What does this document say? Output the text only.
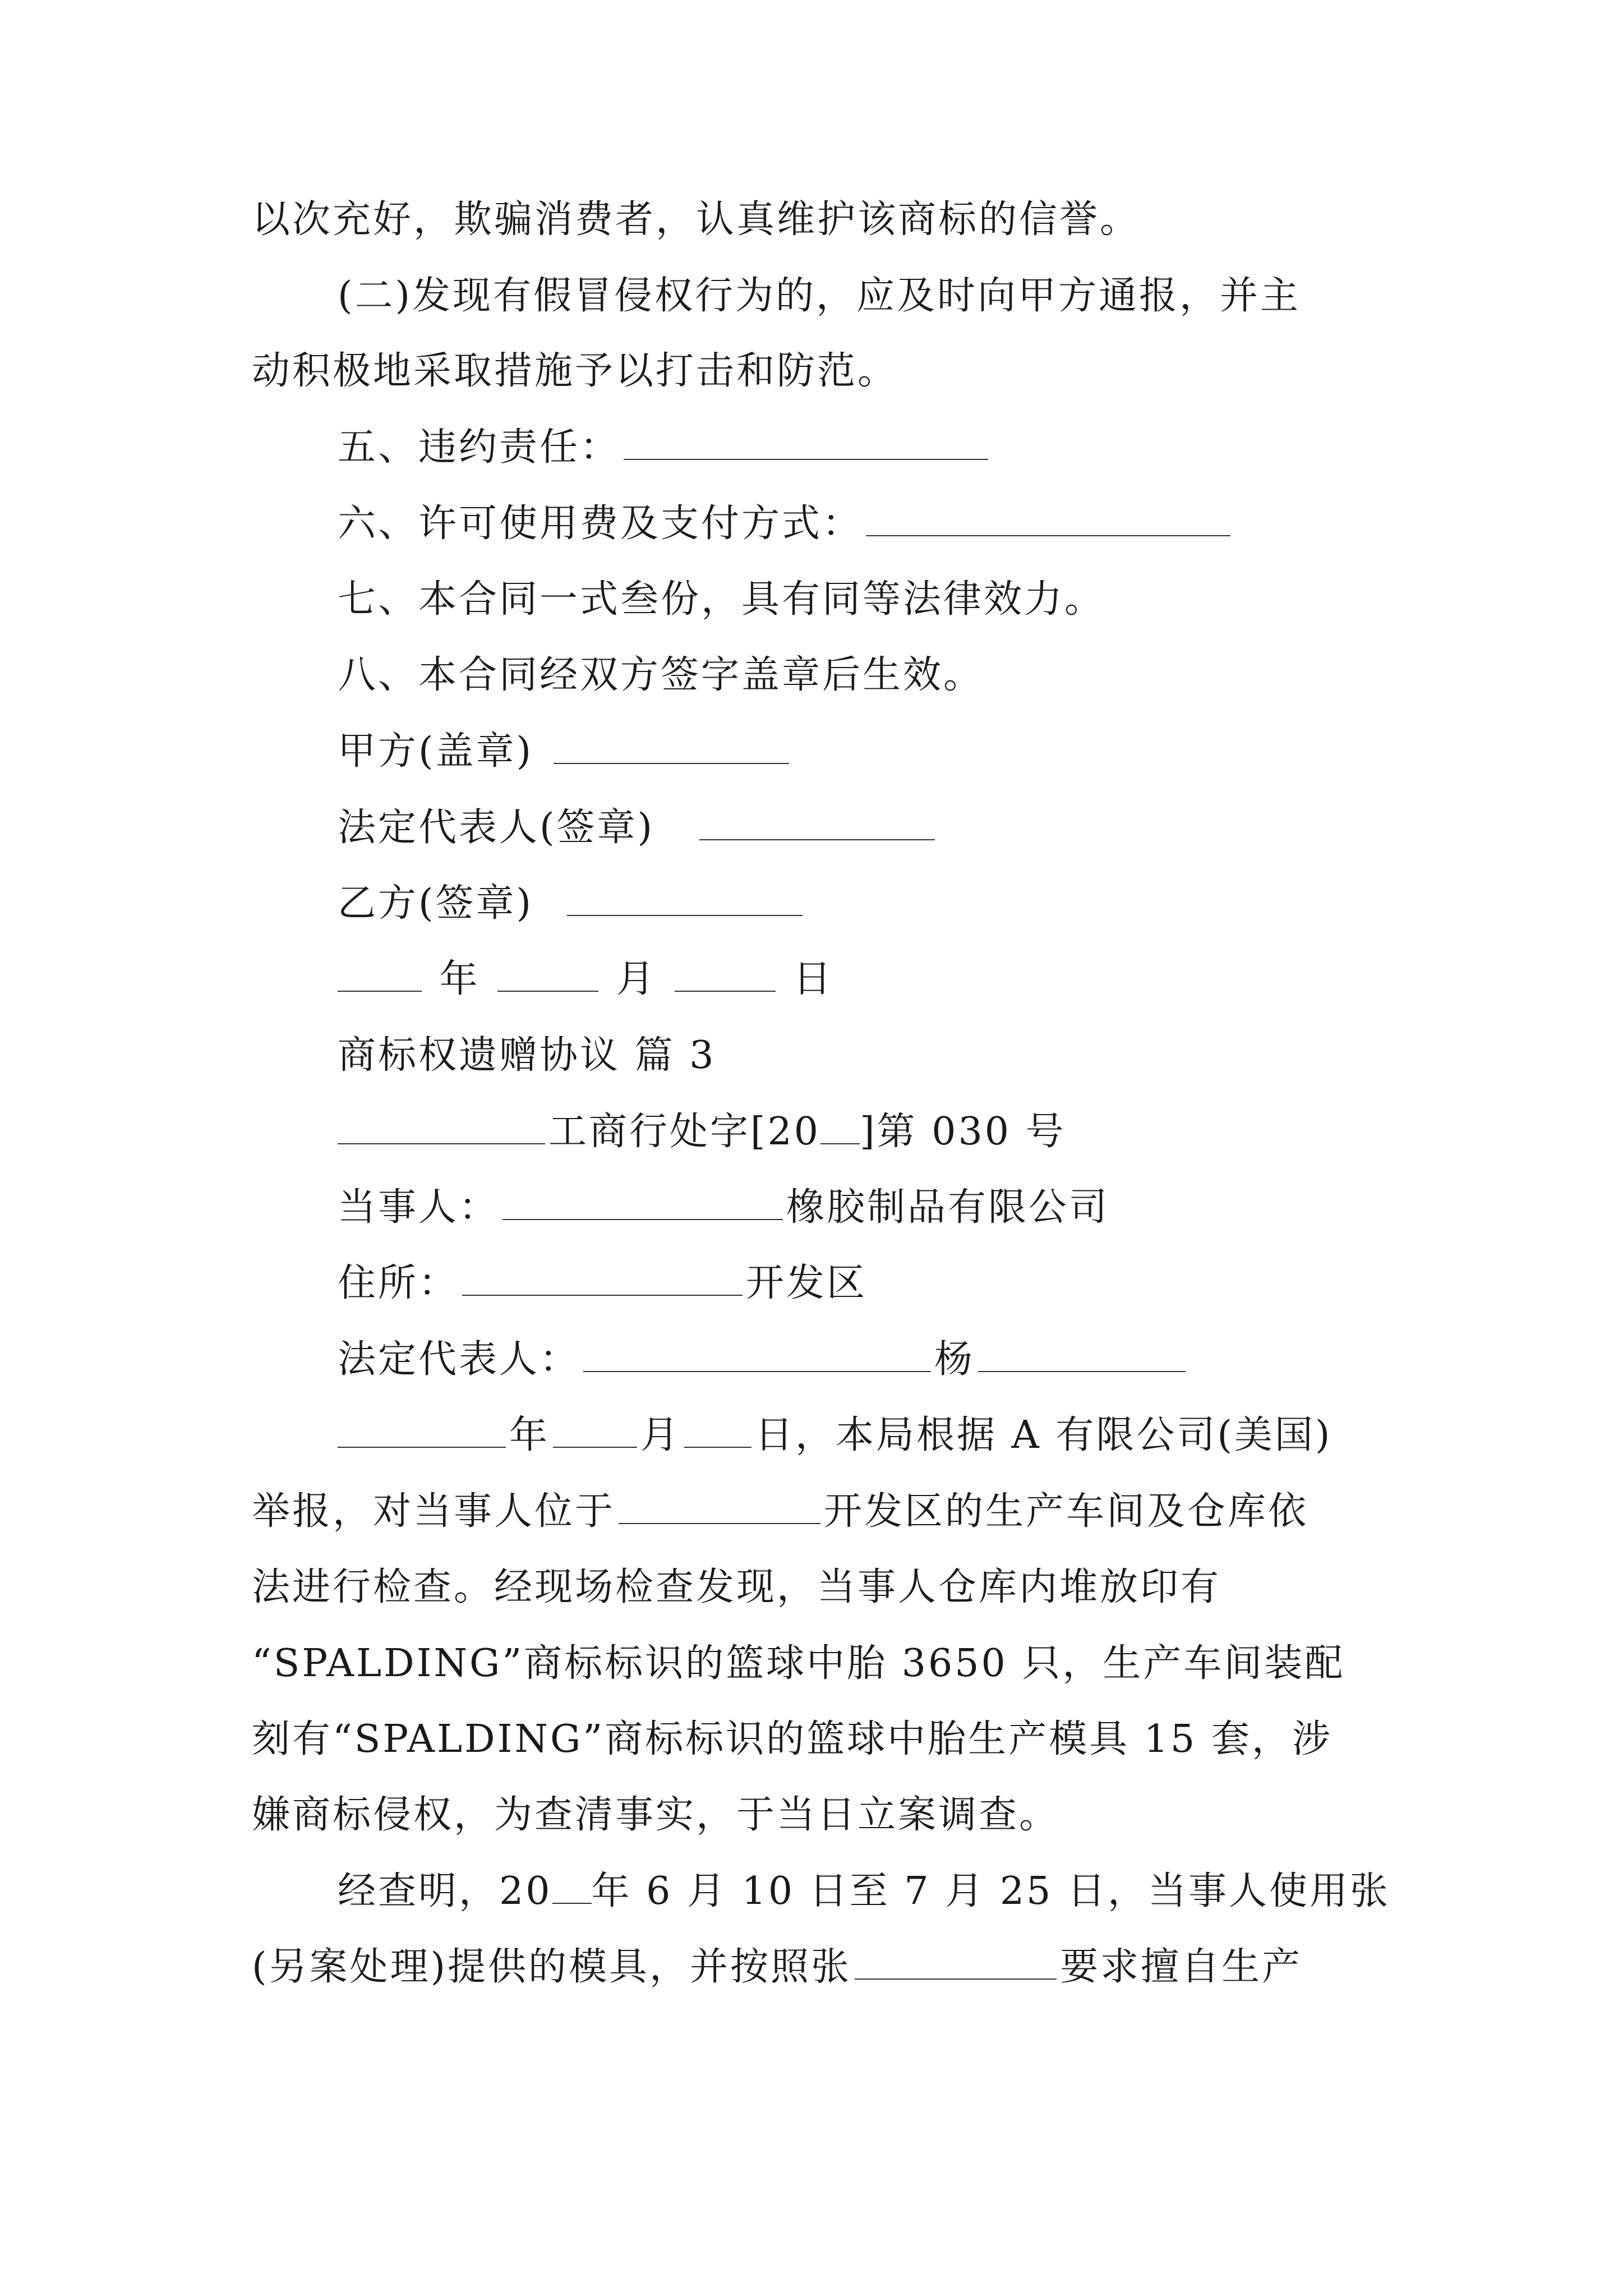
以次充好，欺骗消费者，认真维护该商标的信誉。
(二)发现有假冒侵权行为的，应及时向甲方通报，并主
动积极地采取措施予以打击和防范。
五、违约责任：
六、许可使用费及支付方式：
七、本合同一式叁份，具有同等法律效力。
八、本合同经双方签字盖章后生效。
甲方(盖章)
法定代表人(签章)
乙方(签章)
年	月	日
商标权遗赠协议 篇 3
工商行处字[20 ]第 030 号
当事人：	橡胶制品有限公司
住所：	开发区
法定代表人：	杨
年 月 日，本局根据 A 有限公司(美国)
举报，对当事人位于	开发区的生产车间及仓库依
法进行检查。经现场检查发现，当事人仓库内堆放印有
“SPALDING”商标标识的篮球中胎 3650 只，生产车间装配
刻有“SPALDING”商标标识的篮球中胎生产模具 15 套，涉
嫌商标侵权，为查清事实，于当日立案调查。
经查明，20 年 6 月 10 日至 7 月 25 日，当事人使用张
(另案处理)提供的模具，并按照张	要求擅自生产
